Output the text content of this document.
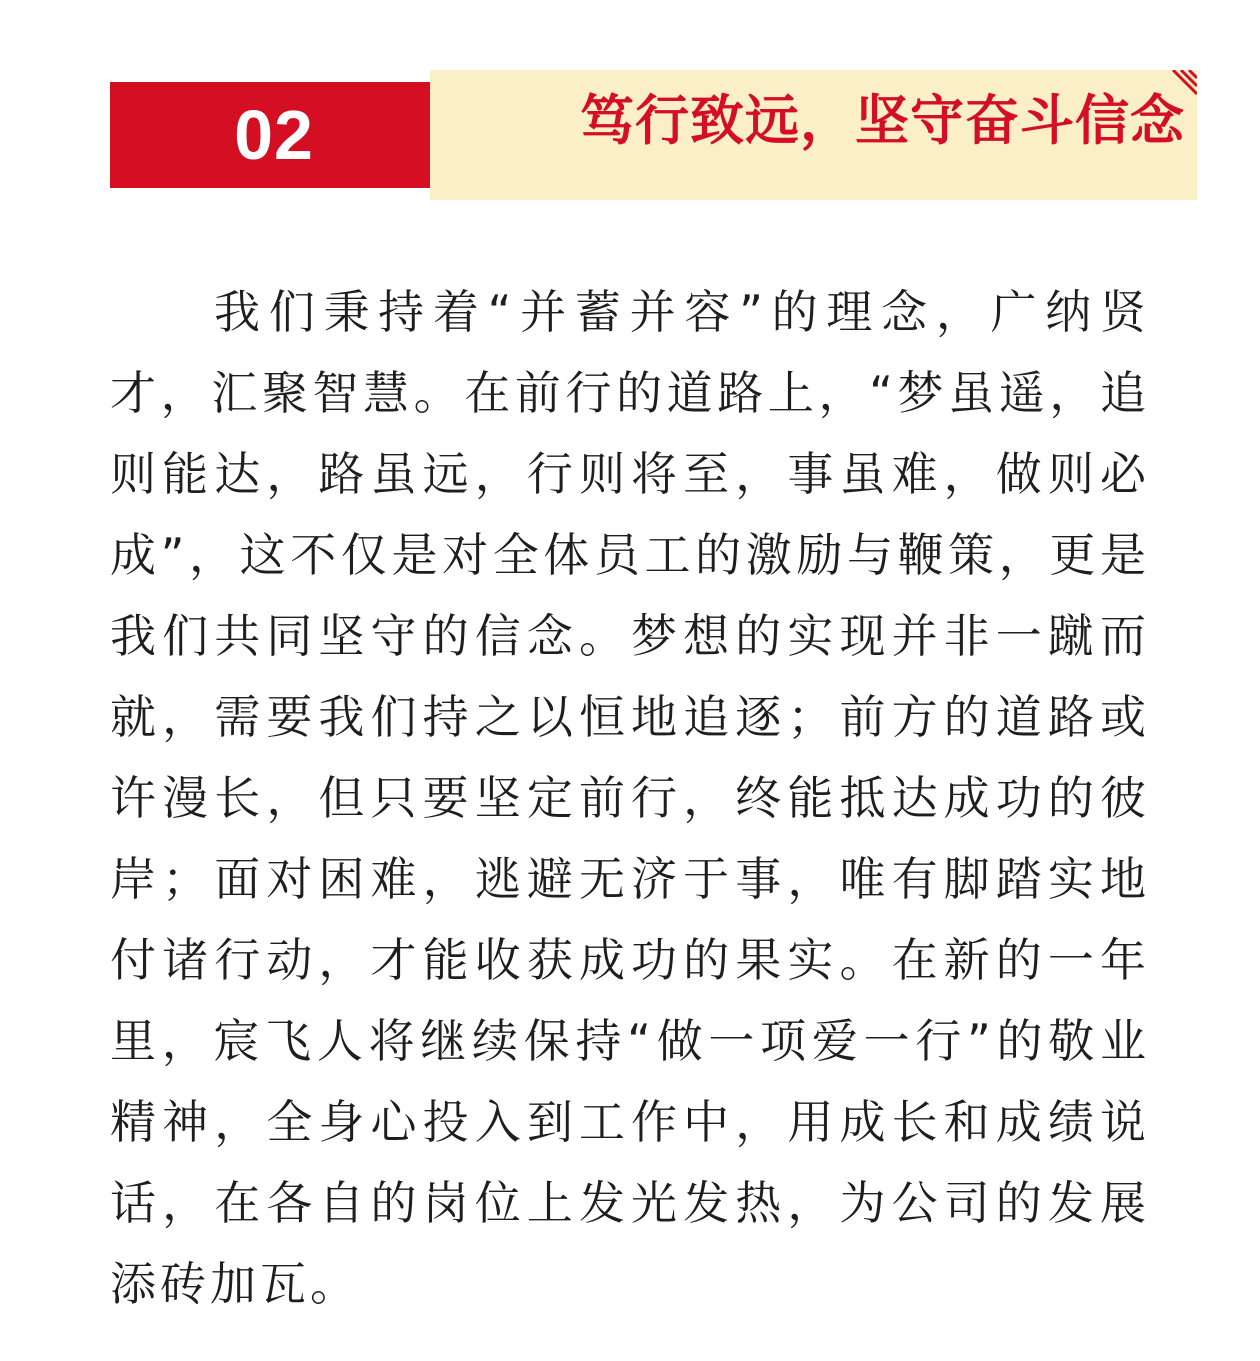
02	笃行致远，坚守奋斗信念

我们秉持着“并蓄并容”的理念，广纳贤才，汇聚智慧。在前行的道路上，“梦虽遥，追则能达，路虽远，行则将至，事虽难，做则必成”，这不仅是对全体员工的激励与鞭策，更是我们共同坚守的信念。梦想的实现并非一蹴而就，需要我们持之以恒地追逐；前方的道路或许漫长，但只要坚定前行，终能抵达成功的彼岸；面对困难，逃避无济于事，唯有脚踏实地付诸行动，才能收获成功的果实。在新的一年里，宸飞人将继续保持“做一项爱一行”的敬业精神，全身心投入到工作中，用成长和成绩说话，在各自的岗位上发光发热，为公司的发展添砖加瓦。
